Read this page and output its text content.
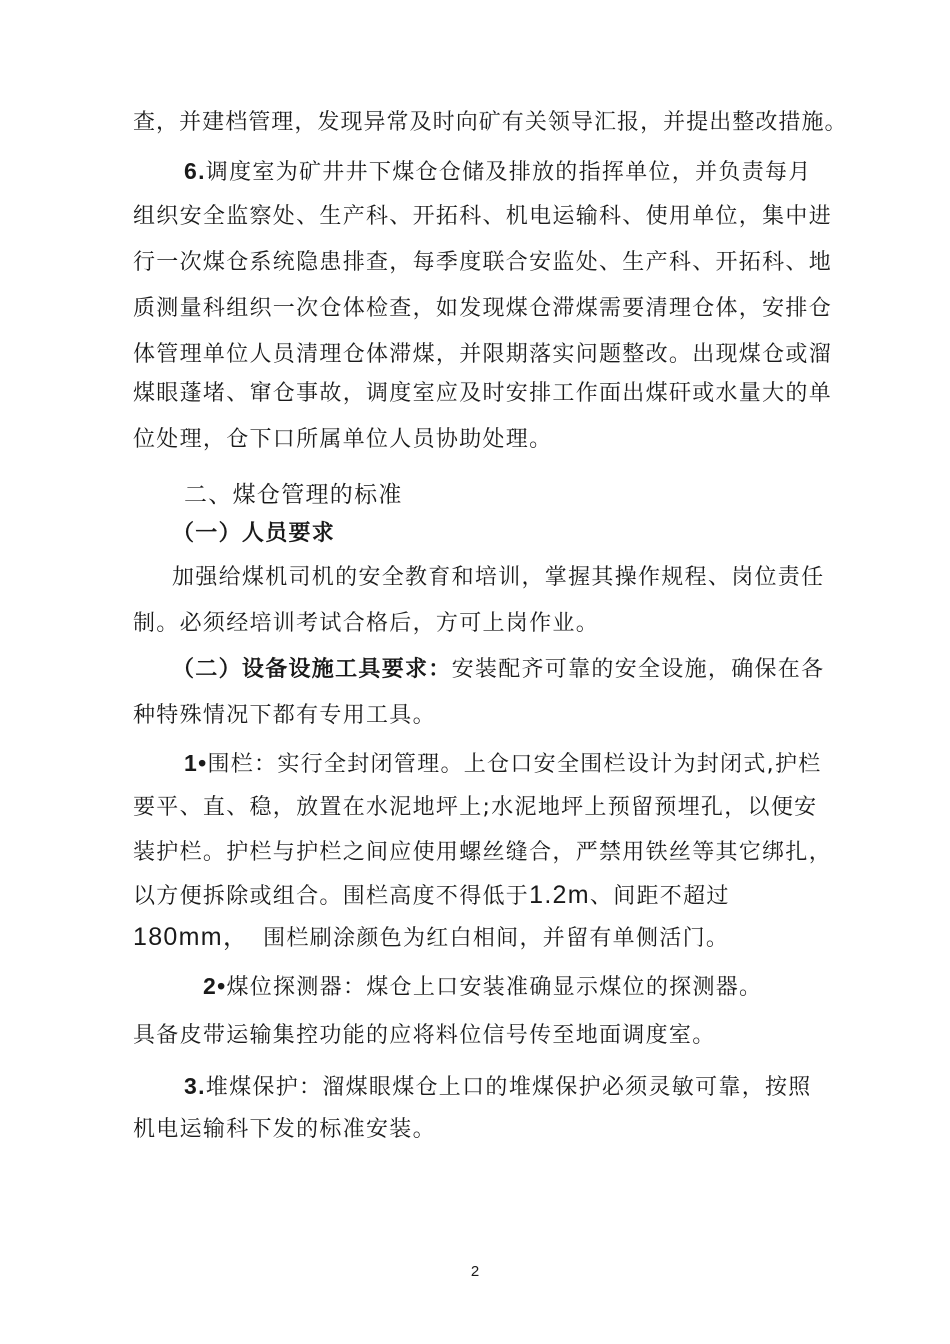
查，并建档管理，发现异常及时向矿有关领导汇报，并提出整改措施。
6.调度室为矿井井下煤仓仓储及排放的指挥单位，并负责每月
组织安全监察处、生产科、开拓科、机电运输科、使用单位，集中进
行一次煤仓系统隐患排查，每季度联合安监处、生产科、开拓科、地
质测量科组织一次仓体检查，如发现煤仓滞煤需要清理仓体，安排仓
体管理单位人员清理仓体滞煤，并限期落实问题整改。出现煤仓或溜
煤眼蓬堵、窜仓事故，调度室应及时安排工作面出煤矸或水量大的单
位处理，仓下口所属单位人员协助处理。
二、煤仓管理的标准
（一）人员要求
加强给煤机司机的安全教育和培训，掌握其操作规程、岗位责任
制。必须经培训考试合格后，方可上岗作业。
（二）设备设施工具要求：安装配齐可靠的安全设施，确保在各
种特殊情况下都有专用工具。
1•围栏：实行全封闭管理。上仓口安全围栏设计为封闭式,护栏
要平、直、稳，放置在水泥地坪上;水泥地坪上预留预埋孔，以便安
装护栏。护栏与护栏之间应使用螺丝缝合，严禁用铁丝等其它绑扎，
以方便拆除或组合。围栏高度不得低于1.2m、间距不超过
180mm， 围栏刷涂颜色为红白相间，并留有单侧活门。
2•煤位探测器：煤仓上口安装准确显示煤位的探测器。
具备皮带运输集控功能的应将料位信号传至地面调度室。
3.堆煤保护：溜煤眼煤仓上口的堆煤保护必须灵敏可靠，按照
机电运输科下发的标准安装。
2
